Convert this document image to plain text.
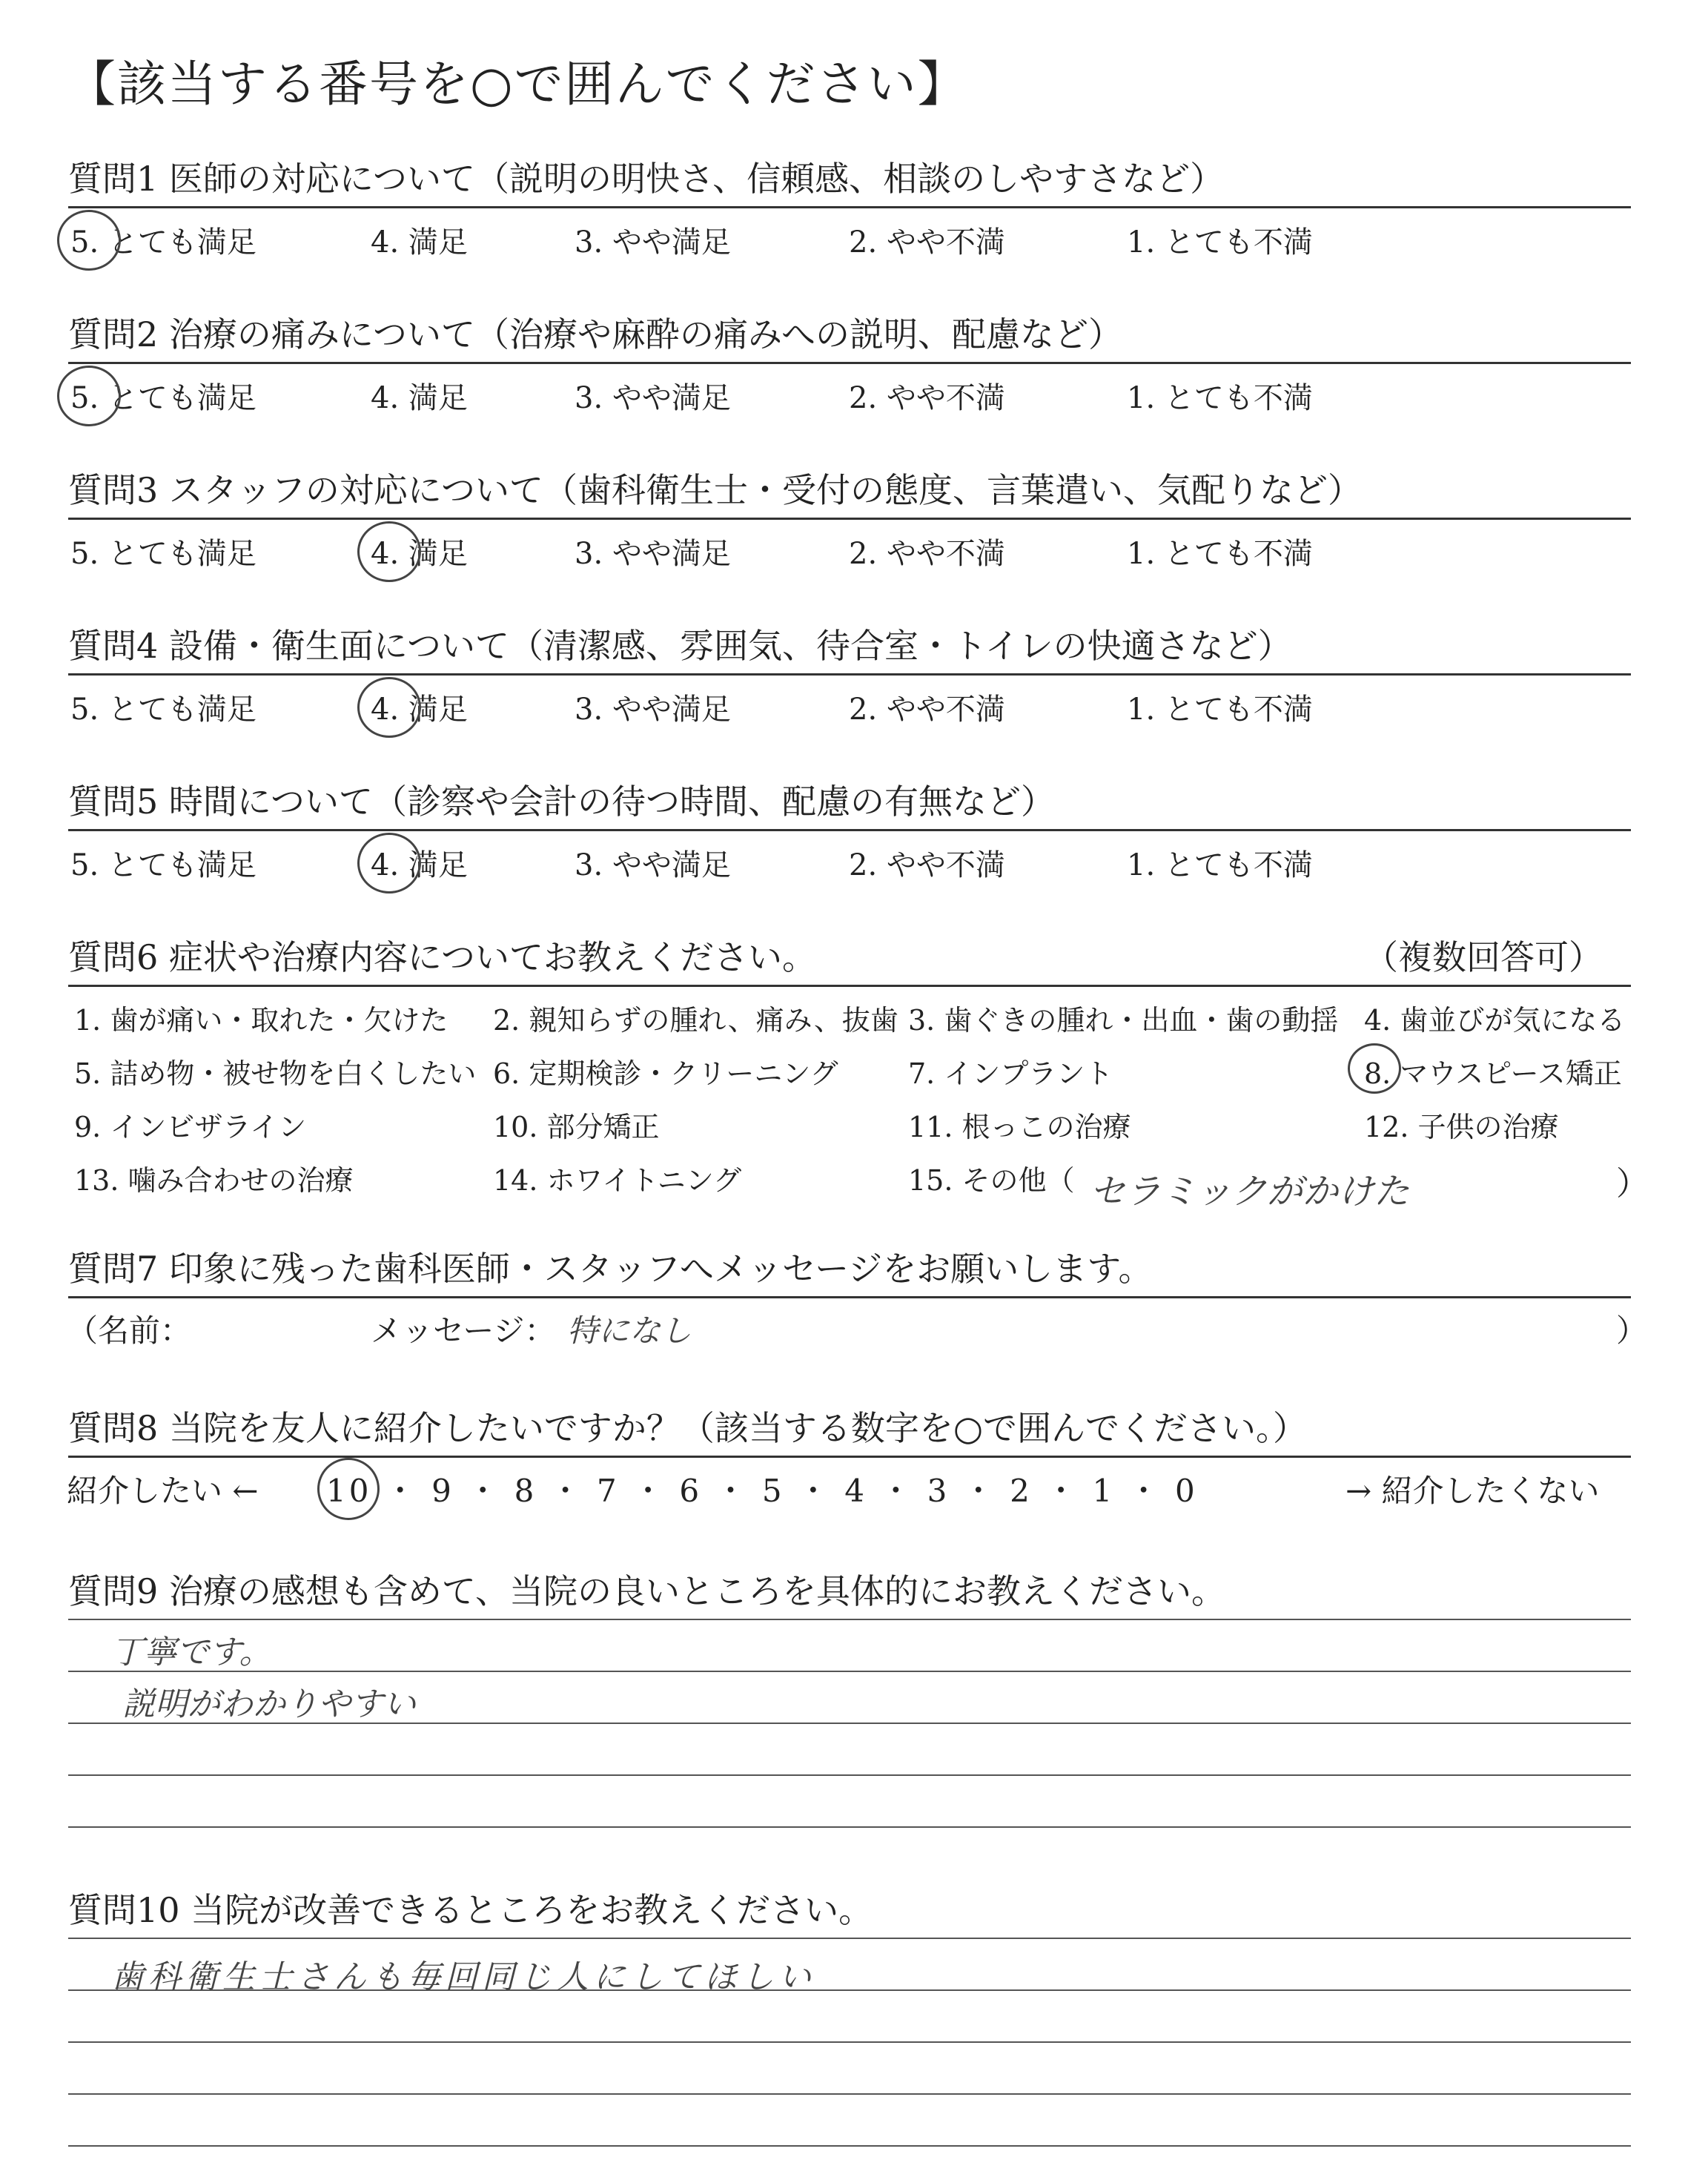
【該当する番号を○で囲んでください】
質問1 医師の対応について（説明の明快さ、信頼感、相談のしやすさなど）
5. とても満足	4. 満足	3. やや満足	2. やや不満	1. とても不満
質問2 治療の痛みについて（治療や麻酔の痛みへの説明、配慮など）
5. とても満足	4. 満足	3. やや満足	2. やや不満	1. とても不満
質問3 スタッフの対応について（歯科衛生士・受付の態度、言葉遣い、気配りなど）
5. とても満足	4. 満足	3. やや満足	2. やや不満	1. とても不満
質問4 設備・衛生面について（清潔感、雰囲気、待合室・トイレの快適さなど）
5. とても満足	4. 満足	3. やや満足	2. やや不満	1. とても不満
質問5 時間について（診察や会計の待つ時間、配慮の有無など）
5. とても満足	4. 満足	3. やや満足	2. やや不満	1. とても不満
質問6 症状や治療内容についてお教えください。	（複数回答可）
1. 歯が痛い・取れた・欠けた 2. 親知らずの腫れ、痛み、抜歯 3. 歯ぐきの腫れ・出血・歯の動揺 4. 歯並びが気になる
5. 詰め物・被せ物を白くしたい 6. 定期検診・クリーニング 7. インプラント	8. マウスピース矯正
9. インビザライン	10. 部分矯正	11. 根っこの治療	12. 子供の治療
13. 噛み合わせの治療	14. ホワイトニング	15. その他（	）
セラミックがかけた
質問7 印象に残った歯科医師・スタッフへメッセージをお願いします。
（名前：	メッセージ： 特になし	）
質問8 当院を友人に紹介したいですか？（該当する数字を○で囲んでください。）
紹介したい ← 10 ・ 9 ・ 8 ・ 7 ・ 6 ・ 5 ・ 4 ・ 3 ・ 2 ・ 1 ・ 0	→ 紹介したくない
質問9 治療の感想も含めて、当院の良いところを具体的にお教えください。
丁寧です。
説明がわかりやすい
質問10 当院が改善できるところをお教えください。
歯科衛生士さんも毎回同じ人にしてほしい
